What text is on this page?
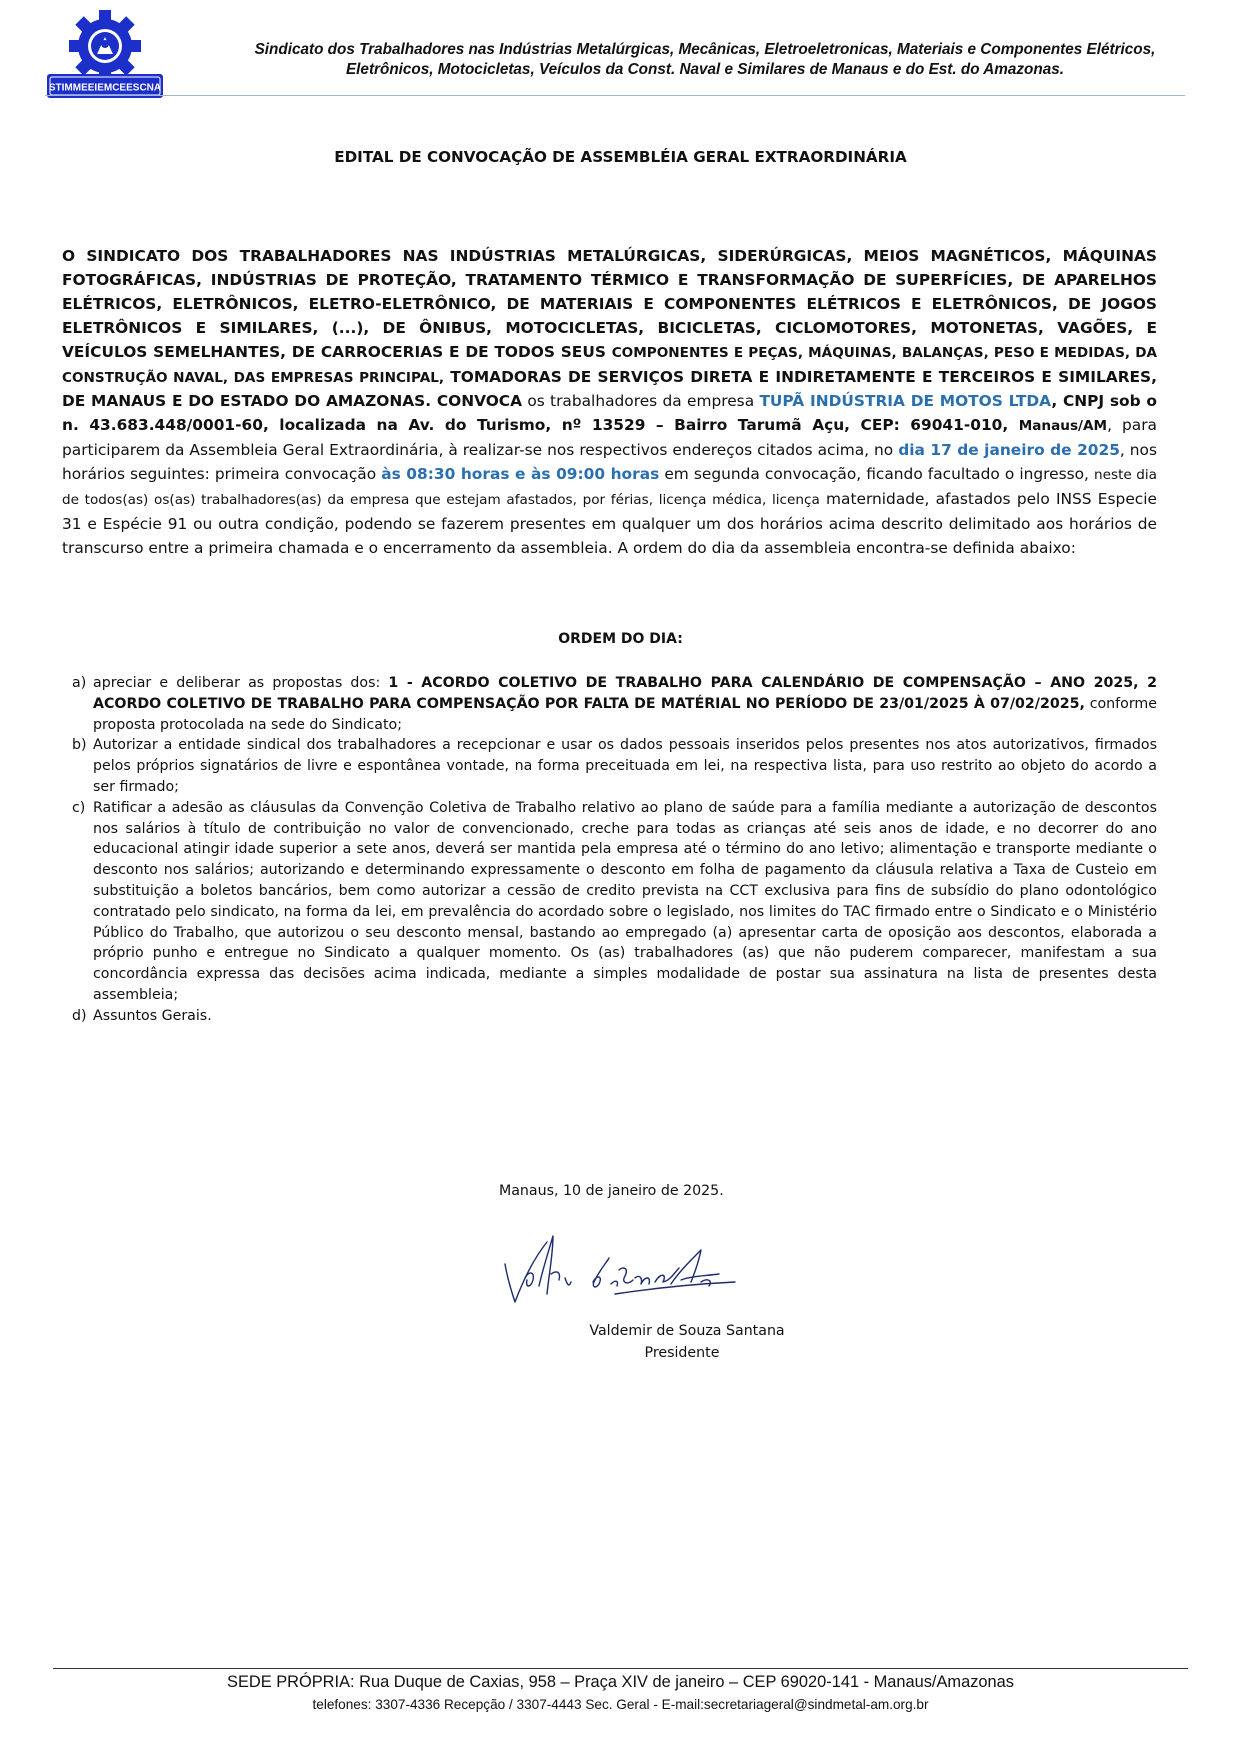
STIMMEEIEMCEESCNA
Sindicato dos Trabalhadores nas Indústrias Metalúrgicas, Mecânicas, Eletroeletronicas, Materiais e Componentes Elétricos,
Eletrônicos, Motocicletas, Veículos da Const. Naval e Similares de Manaus e do Est. do Amazonas.
EDITAL DE CONVOCAÇÃO DE ASSEMBLÉIA GERAL EXTRAORDINÁRIA
O SINDICATO DOS TRABALHADORES NAS INDÚSTRIAS METALÚRGICAS, SIDERÚRGICAS, MEIOS MAGNÉTICOS, MÁQUINAS FOTOGRÁFICAS, INDÚSTRIAS DE PROTEÇÃO, TRATAMENTO TÉRMICO E TRANSFORMAÇÃO DE SUPERFÍCIES, DE APARELHOS ELÉTRICOS, ELETRÔNICOS, ELETRO-ELETRÔNICO, DE MATERIAIS E COMPONENTES ELÉTRICOS E ELETRÔNICOS, DE JOGOS ELETRÔNICOS E SIMILARES, (...), DE ÔNIBUS, MOTOCICLETAS, BICICLETAS, CICLOMOTORES, MOTONETAS, VAGÕES, E VEÍCULOS SEMELHANTES, DE CARROCERIAS E DE TODOS SEUS COMPONENTES E PEÇAS, MÁQUINAS, BALANÇAS, PESO E MEDIDAS, DA CONSTRUÇÃO NAVAL, DAS EMPRESAS PRINCIPAL, TOMADORAS DE SERVIÇOS DIRETA E INDIRETAMENTE E TERCEIROS E SIMILARES, DE MANAUS E DO ESTADO DO AMAZONAS. CONVOCA os trabalhadores da empresa TUPÃ INDÚSTRIA DE MOTOS LTDA, CNPJ sob o n. 43.683.448/0001-60, localizada na Av. do Turismo, nº 13529 – Bairro Tarumã Açu, CEP: 69041-010, Manaus/AM, para participarem da Assembleia Geral Extraordinária, à realizar-se nos respectivos endereços citados acima, no dia 17 de janeiro de 2025, nos horários seguintes: primeira convocação às 08:30 horas e às 09:00 horas em segunda convocação, ficando facultado o ingresso, neste dia de todos(as) os(as) trabalhadores(as) da empresa que estejam afastados, por férias, licença médica, licença maternidade, afastados pelo INSS Especie 31 e Espécie 91 ou outra condição, podendo se fazerem presentes em qualquer um dos horários acima descrito delimitado aos horários de transcurso entre a primeira chamada e o encerramento da assembleia. A ordem do dia da assembleia encontra-se definida abaixo:
ORDEM DO DIA:
a) apreciar e deliberar as propostas dos: 1 - ACORDO COLETIVO DE TRABALHO PARA CALENDÁRIO DE COMPENSAÇÃO – ANO 2025, 2 ACORDO COLETIVO DE TRABALHO PARA COMPENSAÇÃO POR FALTA DE MATÉRIAL NO PERÍODO DE 23/01/2025 À 07/02/2025, conforme proposta protocolada na sede do Sindicato;
b) Autorizar a entidade sindical dos trabalhadores a recepcionar e usar os dados pessoais inseridos pelos presentes nos atos autorizativos, firmados pelos próprios signatários de livre e espontânea vontade, na forma preceituada em lei, na respectiva lista, para uso restrito ao objeto do acordo a ser firmado;
c) Ratificar a adesão as cláusulas da Convenção Coletiva de Trabalho relativo ao plano de saúde para a família mediante a autorização de descontos nos salários à título de contribuição no valor de convencionado, creche para todas as crianças até seis anos de idade, e no decorrer do ano educacional atingir idade superior a sete anos, deverá ser mantida pela empresa até o término do ano letivo; alimentação e transporte mediante o desconto nos salários; autorizando e determinando expressamente o desconto em folha de pagamento da cláusula relativa a Taxa de Custeio em substituição a boletos bancários, bem como autorizar a cessão de credito prevista na CCT exclusiva para fins de subsídio do plano odontológico contratado pelo sindicato, na forma da lei, em prevalência do acordado sobre o legislado, nos limites do TAC firmado entre o Sindicato e o Ministério Público do Trabalho, que autorizou o seu desconto mensal, bastando ao empregado (a) apresentar carta de oposição aos descontos, elaborada a próprio punho e entregue no Sindicato a qualquer momento. Os (as) trabalhadores (as) que não puderem comparecer, manifestam a sua concordância expressa das decisões acima indicada, mediante a simples modalidade de postar sua assinatura na lista de presentes desta assembleia;
d) Assuntos Gerais.
Manaus, 10 de janeiro de 2025.
Valdemir de Souza Santana
Presidente
SEDE PRÓPRIA: Rua Duque de Caxias, 958 – Praça XIV de janeiro – CEP 69020-141 - Manaus/Amazonas
telefones: 3307-4336 Recepção / 3307-4443 Sec. Geral - E-mail:secretariageral@sindmetal-am.org.br
